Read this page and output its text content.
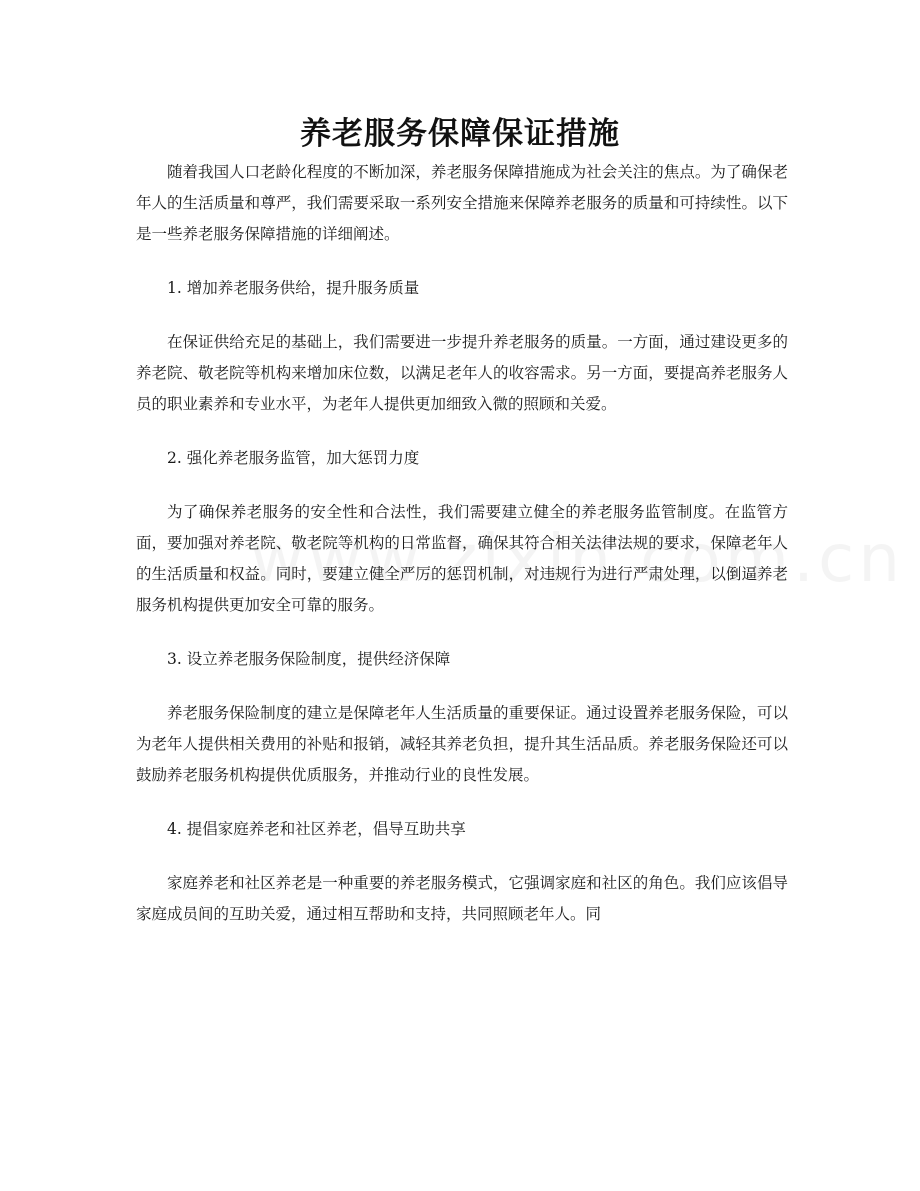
养老服务保障保证措施

随着我国人口老龄化程度的不断加深，养老服务保障措施成为社会关注的焦点。为了确保老年人的生活质量和尊严，我们需要采取一系列安全措施来保障养老服务的质量和可持续性。以下是一些养老服务保障措施的详细阐述。

1. 增加养老服务供给，提升服务质量

在保证供给充足的基础上，我们需要进一步提升养老服务的质量。一方面，通过建设更多的养老院、敬老院等机构来增加床位数，以满足老年人的收容需求。另一方面，要提高养老服务人员的职业素养和专业水平，为老年人提供更加细致入微的照顾和关爱。

2. 强化养老服务监管，加大惩罚力度

为了确保养老服务的安全性和合法性，我们需要建立健全的养老服务监管制度。在监管方面，要加强对养老院、敬老院等机构的日常监督，确保其符合相关法律法规的要求，保障老年人的生活质量和权益。同时，要建立健全严厉的惩罚机制，对违规行为进行严肃处理，以倒逼养老服务机构提供更加安全可靠的服务。

3. 设立养老服务保险制度，提供经济保障

养老服务保险制度的建立是保障老年人生活质量的重要保证。通过设置养老服务保险，可以为老年人提供相关费用的补贴和报销，减轻其养老负担，提升其生活品质。养老服务保险还可以鼓励养老服务机构提供优质服务，并推动行业的良性发展。

4. 提倡家庭养老和社区养老，倡导互助共享

家庭养老和社区养老是一种重要的养老服务模式，它强调家庭和社区的角色。我们应该倡导家庭成员间的互助关爱，通过相互帮助和支持，共同照顾老年人。同
